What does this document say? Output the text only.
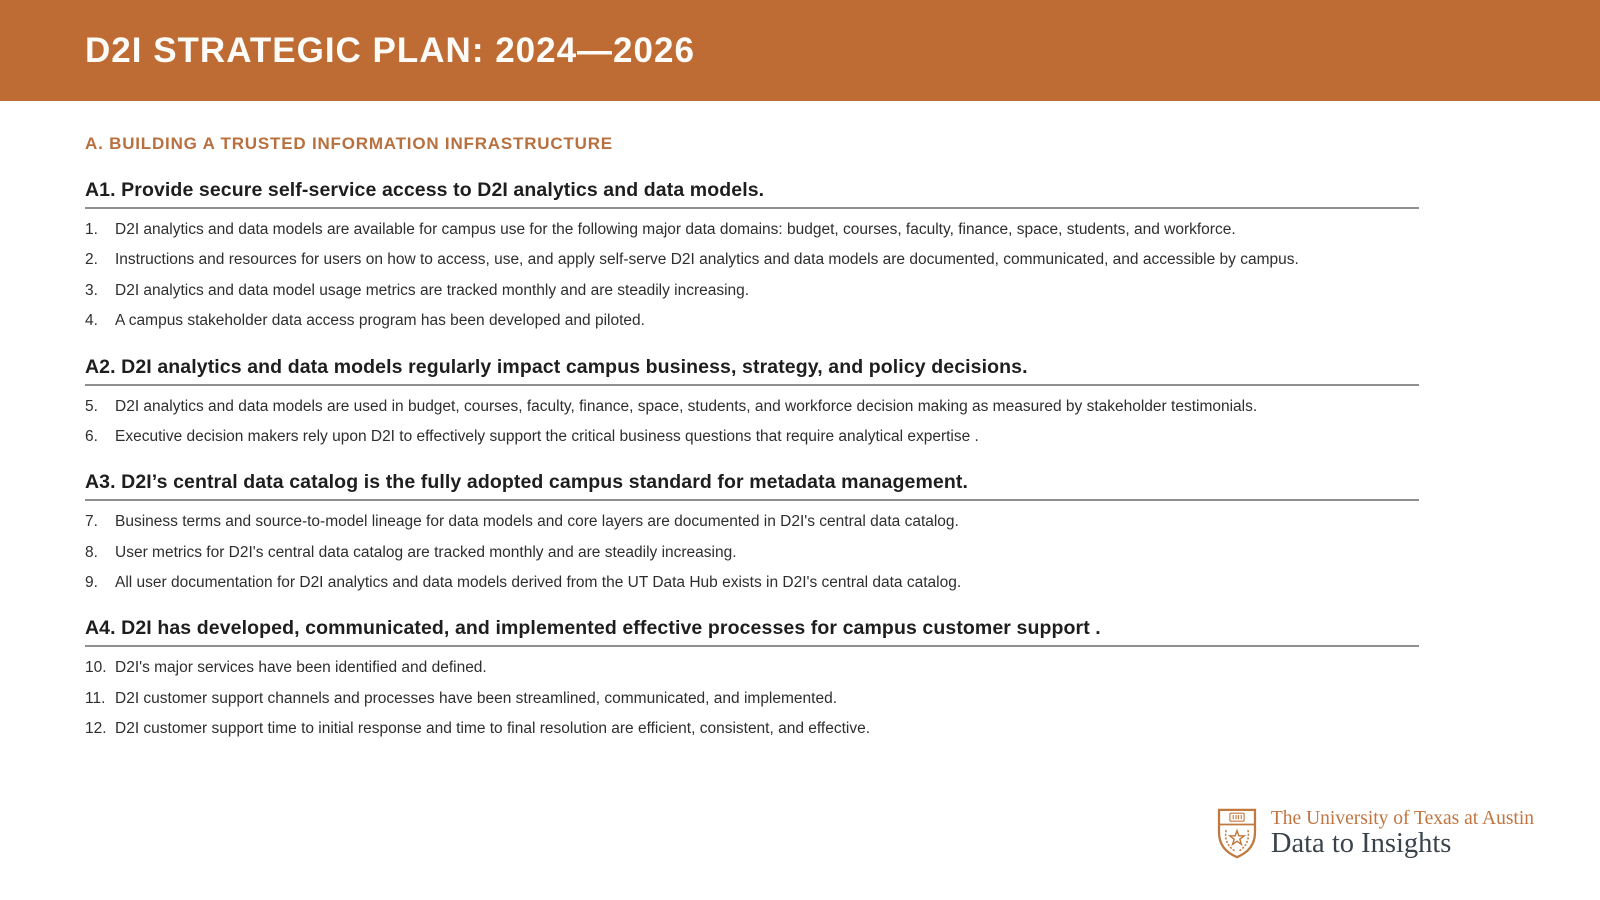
D2I STRATEGIC PLAN: 2024—2026
A. BUILDING A TRUSTED INFORMATION INFRASTRUCTURE
A1. Provide secure self-service access to D2I analytics and data models.
1.	D2I analytics and data models are available for campus use for the following major data domains: budget, courses, faculty, finance, space, students, and workforce.
2.	Instructions and resources for users on how to access, use, and apply self-serve D2I analytics and data models are documented, communicated, and accessible by campus.
3.	D2I analytics and data model usage metrics are tracked monthly and are steadily increasing.
4.	A campus stakeholder data access program has been developed and piloted.
A2. D2I analytics and data models regularly impact campus business, strategy, and policy decisions.
5.	D2I analytics and data models are used in budget, courses, faculty, finance, space, students, and workforce decision making as measured by stakeholder testimonials.
6.	Executive decision makers rely upon D2I to effectively support the critical business questions that require analytical expertise .
A3. D2I’s central data catalog is the fully adopted campus standard for metadata management.
7.	Business terms and source-to-model lineage for data models and core layers are documented in D2I's central data catalog.
8.	User metrics for D2I's central data catalog are tracked monthly and are steadily increasing.
9.	All user documentation for D2I analytics and data models derived from the UT Data Hub exists in D2I's central data catalog.
A4. D2I has developed, communicated, and implemented effective processes for campus customer support .
10. D2I's major services have been identified and defined.
11. D2I customer support channels and processes have been streamlined, communicated, and implemented.
12. D2I customer support time to initial response and time to final resolution are efficient, consistent, and effective.
The University of Texas at Austin
Data to Insights
